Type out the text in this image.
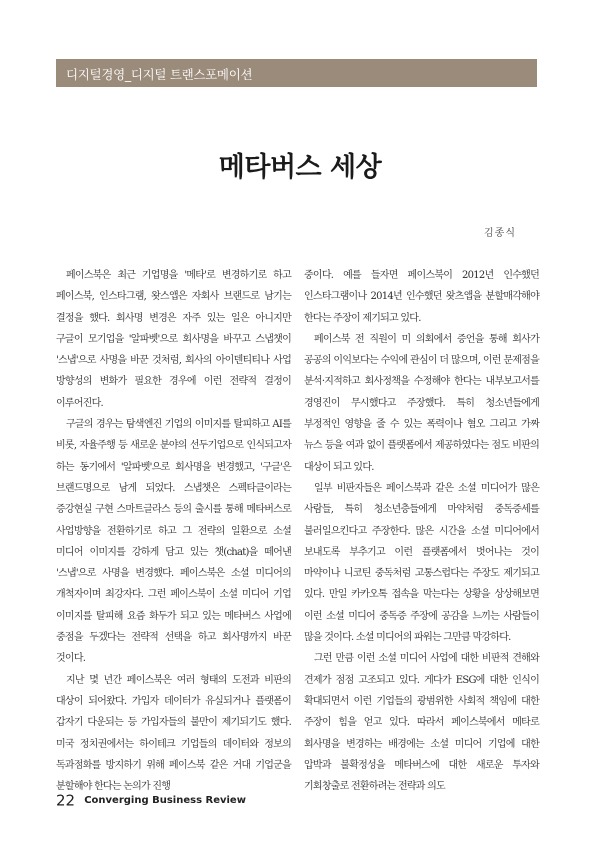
디지털경영_디지털 트랜스포메이션
메타버스 세상
김종식

페이스북은 최근 기업명을 '메타'로 변경하기로 하고 페이스북, 인스타그램, 왓스앱은 자회사 브랜드로 남기는 결정을 했다. 회사명 변경은 자주 있는 일은 아니지만 구글이 모기업을 '알파벳'으로 회사명을 바꾸고 스냅챗이 '스냅'으로 사명을 바꾼 것처럼, 회사의 아이덴티티나 사업 방향성의 변화가 필요한 경우에 이런 전략적 결정이 이루어진다.

구글의 경우는 탐색엔진 기업의 이미지를 탈피하고 AI를 비롯, 자율주행 등 새로운 분야의 선두기업으로 인식되고자 하는 동기에서 '알파벳'으로 회사명을 변경했고, '구글'은 브랜드명으로 남게 되었다. 스냅챗은 스펙타클이라는 증강현실 구현 스마트글라스 등의 출시를 통해 메타버스로 사업방향을 전환하기로 하고 그 전략의 일환으로 소셜 미디어 이미지를 강하게 담고 있는 챗(chat)을 떼어낸 '스냅'으로 사명을 변경했다. 페이스북은 소셜 미디어의 개척자이며 최강자다. 그런 페이스북이 소셜 미디어 기업 이미지를 탈피해 요즘 화두가 되고 있는 메타버스 사업에 중점을 두겠다는 전략적 선택을 하고 회사명까지 바꾼 것이다.

지난 몇 년간 페이스북은 여러 형태의 도전과 비판의 대상이 되어왔다. 가입자 데이터가 유실되거나 플랫폼이 갑자기 다운되는 등 가입자들의 불만이 제기되기도 했다. 미국 정치권에서는 하이테크 기업들의 데이터와 정보의 독과점화를 방지하기 위해 페이스북 같은 거대 기업군을 분할해야 한다는 논의가 진행

중이다. 예를 들자면 페이스북이 2012년 인수했던 인스타그램이나 2014년 인수했던 왓츠앱을 분할매각해야 한다는 주장이 제기되고 있다.

페이스북 전 직원이 미 의회에서 증언을 통해 회사가 공공의 이익보다는 수익에 관심이 더 많으며, 이런 문제점을 분석·지적하고 회사정책을 수정해야 한다는 내부보고서를 경영진이 무시했다고 주장했다. 특히 청소년들에게 부정적인 영향을 줄 수 있는 폭력이나 혐오 그리고 가짜 뉴스 등을 여과 없이 플랫폼에서 제공하였다는 점도 비판의 대상이 되고 있다.

일부 비판자들은 페이스북과 같은 소셜 미디어가 많은 사람들, 특히 청소년층들에게 마약처럼 중독증세를 불러일으킨다고 주장한다. 많은 시간을 소셜 미디어에서 보내도록 부추기고 이런 플랫폼에서 벗어나는 것이 마약이나 니코틴 중독처럼 고통스럽다는 주장도 제기되고 있다. 만일 카카오톡 접속을 막는다는 상황을 상상해보면 이런 소셜 미디어 중독증 주장에 공감을 느끼는 사람들이 많을 것이다. 소셜 미디어의 파워는 그만큼 막강하다.

그런 만큼 이런 소셜 미디어 사업에 대한 비판적 견해와 견제가 점점 고조되고 있다. 게다가 ESG에 대한 인식이 확대되면서 이런 기업들의 광범위한 사회적 책임에 대한 주장이 힘을 얻고 있다. 따라서 페이스북에서 메타로 회사명을 변경하는 배경에는 소셜 미디어 기업에 대한 압박과 불확정성을 메타버스에 대한 새로운 투자와 기회창출로 전환하려는 전략과 의도

22 Converging Business Review
